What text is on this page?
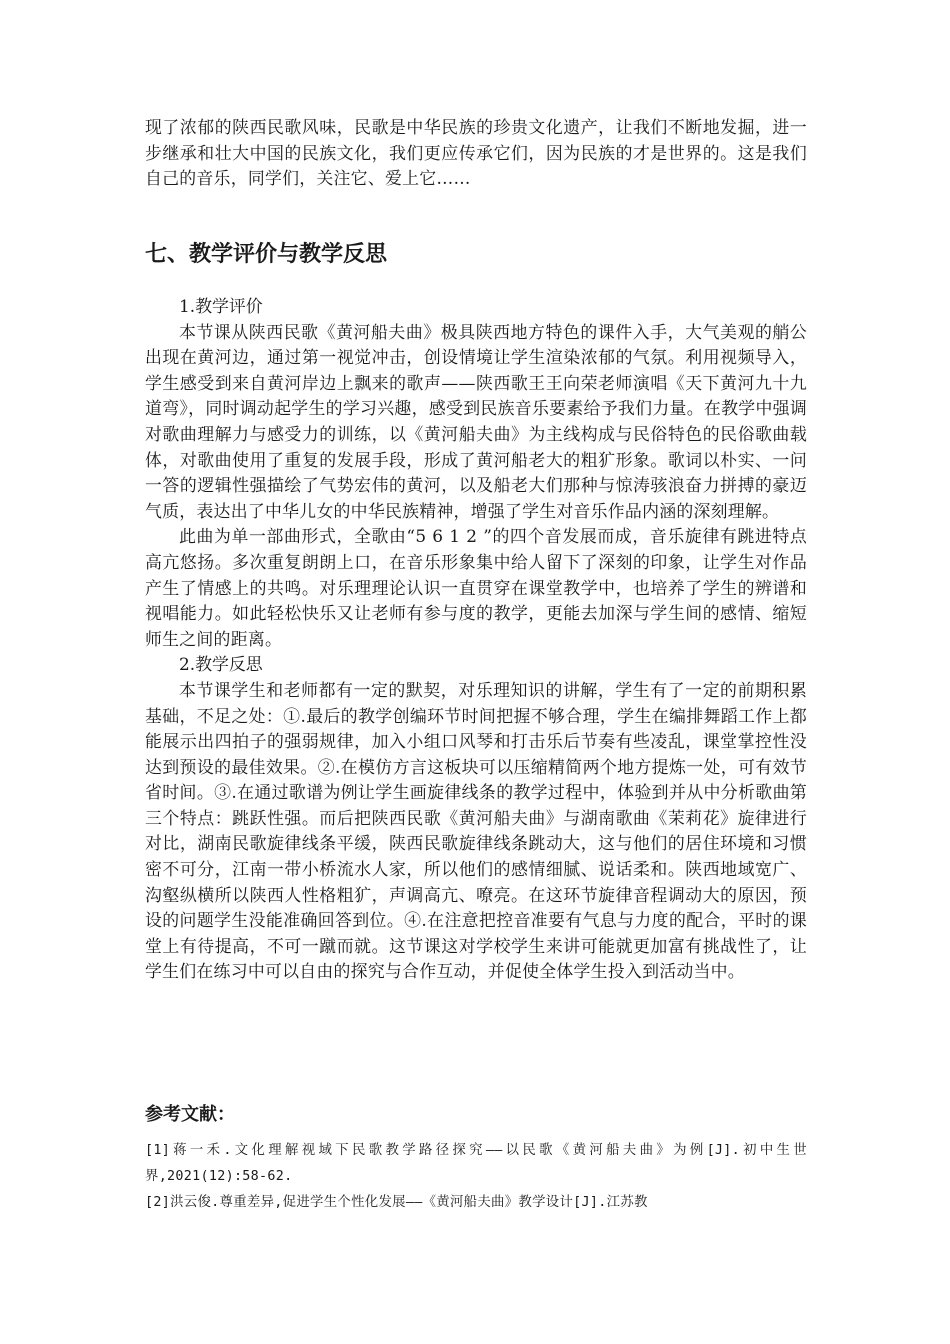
现了浓郁的陕西民歌风味，民歌是中华民族的珍贵文化遗产，让我们不断地发掘，进一步继承和壮大中国的民族文化，我们更应传承它们，因为民族的才是世界的。这是我们自己的音乐，同学们，关注它、爱上它……

七、教学评价与教学反思

1.教学评价

本节课从陕西民歌《黄河船夫曲》极具陕西地方特色的课件入手，大气美观的艄公出现在黄河边，通过第一视觉冲击，创设情境让学生渲染浓郁的气氛。利用视频导入，学生感受到来自黄河岸边上飘来的歌声——陕西歌王王向荣老师演唱《天下黄河九十九道弯》，同时调动起学生的学习兴趣，感受到民族音乐要素给予我们力量。在教学中强调对歌曲理解力与感受力的训练，以《黄河船夫曲》为主线构成与民俗特色的民俗歌曲载体，对歌曲使用了重复的发展手段，形成了黄河船老大的粗犷形象。歌词以朴实、一问一答的逻辑性强描绘了气势宏伟的黄河，以及船老大们那种与惊涛骇浪奋力拼搏的豪迈气质，表达出了中华儿女的中华民族精神，增强了学生对音乐作品内涵的深刻理解。

此曲为单一部曲形式，全歌由“5 6 1 2 ”的四个音发展而成，音乐旋律有跳进特点高亢悠扬。多次重复朗朗上口，在音乐形象集中给人留下了深刻的印象，让学生对作品产生了情感上的共鸣。对乐理理论认识一直贯穿在课堂教学中，也培养了学生的辨谱和视唱能力。如此轻松快乐又让老师有参与度的教学，更能去加深与学生间的感情、缩短师生之间的距离。

2.教学反思

本节课学生和老师都有一定的默契，对乐理知识的讲解，学生有了一定的前期积累基础，不足之处：①.最后的教学创编环节时间把握不够合理，学生在编排舞蹈工作上都能展示出四拍子的强弱规律，加入小组口风琴和打击乐后节奏有些凌乱，课堂掌控性没达到预设的最佳效果。②.在模仿方言这板块可以压缩精简两个地方提炼一处，可有效节省时间。③.在通过歌谱为例让学生画旋律线条的教学过程中，体验到并从中分析歌曲第三个特点：跳跃性强。而后把陕西民歌《黄河船夫曲》与湖南歌曲《茉莉花》旋律进行对比，湖南民歌旋律线条平缓，陕西民歌旋律线条跳动大，这与他们的居住环境和习惯密不可分，江南一带小桥流水人家，所以他们的感情细腻、说话柔和。陕西地域宽广、沟壑纵横所以陕西人性格粗犷，声调高亢、嘹亮。在这环节旋律音程调动大的原因，预设的问题学生没能准确回答到位。④.在注意把控音准要有气息与力度的配合，平时的课堂上有待提高，不可一蹴而就。这节课这对学校学生来讲可能就更加富有挑战性了，让学生们在练习中可以自由的探究与合作互动，并促使全体学生投入到活动当中。

参考文献：
[1]蒋一禾.文化理解视域下民歌教学路径探究——以民歌《黄河船夫曲》为例[J].初中生世界,2021(12):58-62.
[2]洪云俊.尊重差异,促进学生个性化发展——《黄河船夫曲》教学设计[J].江苏教
